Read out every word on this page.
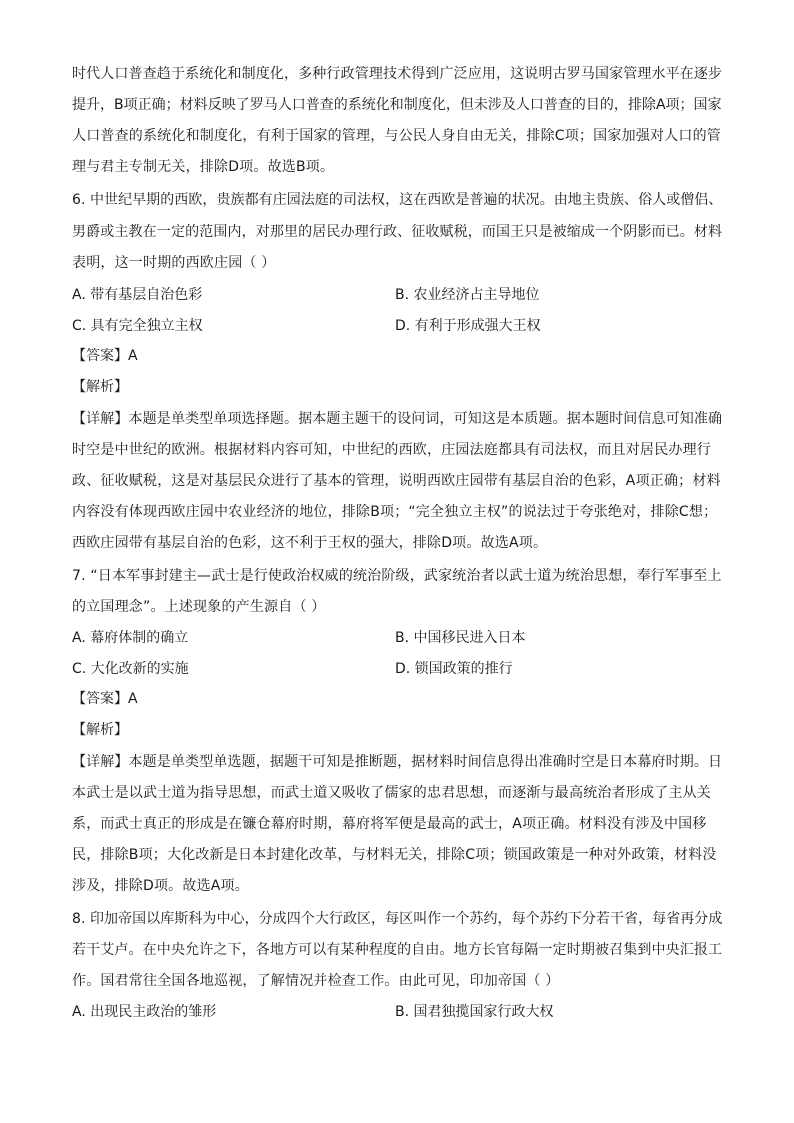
时代人口普查趋于系统化和制度化，多种行政管理技术得到广泛应用，这说明古罗马国家管理水平在逐步
提升，B项正确；材料反映了罗马人口普查的系统化和制度化，但未涉及人口普查的目的，排除A项；国家
人口普查的系统化和制度化，有利于国家的管理，与公民人身自由无关，排除C项；国家加强对人口的管
理与君主专制无关，排除D项。故选B项。
6. 中世纪早期的西欧，贵族都有庄园法庭的司法权，这在西欧是普遍的状况。由地主贵族、俗人或僧侣、
男爵或主教在一定的范围内，对那里的居民办理行政、征收赋税，而国王只是被缩成一个阴影而已。材料
表明，这一时期的西欧庄园（ ）
A. 带有基层自治色彩	B. 农业经济占主导地位
C. 具有完全独立主权	D. 有利于形成强大王权
【答案】A
【解析】
【详解】本题是单类型单项选择题。据本题主题干的设问词，可知这是本质题。据本题时间信息可知准确
时空是中世纪的欧洲。根据材料内容可知，中世纪的西欧，庄园法庭都具有司法权，而且对居民办理行
政、征收赋税，这是对基层民众进行了基本的管理，说明西欧庄园带有基层自治的色彩，A项正确；材料
内容没有体现西欧庄园中农业经济的地位，排除B项；“完全独立主权”的说法过于夸张绝对，排除C想；
西欧庄园带有基层自治的色彩，这不利于王权的强大，排除D项。故选A项。
7. “日本军事封建主—武士是行使政治权威的统治阶级，武家统治者以武士道为统治思想，奉行军事至上
的立国理念”。上述现象的产生源自（ ）
A. 幕府体制的确立	B. 中国移民进入日本
C. 大化改新的实施	D. 锁国政策的推行
【答案】A
【解析】
【详解】本题是单类型单选题，据题干可知是推断题，据材料时间信息得出准确时空是日本幕府时期。日
本武士是以武士道为指导思想，而武士道又吸收了儒家的忠君思想，而逐渐与最高统治者形成了主从关
系，而武士真正的形成是在镰仓幕府时期，幕府将军便是最高的武士，A项正确。材料没有涉及中国移
民，排除B项；大化改新是日本封建化改革，与材料无关，排除C项；锁国政策是一种对外政策，材料没
涉及，排除D项。故选A项。
8. 印加帝国以库斯科为中心，分成四个大行政区，每区叫作一个苏约，每个苏约下分若干省，每省再分成
若干艾卢。在中央允许之下，各地方可以有某种程度的自由。地方长官每隔一定时期被召集到中央汇报工
作。国君常往全国各地巡视，了解情况并检查工作。由此可见，印加帝国（ ）
A. 出现民主政治的雏形	B. 国君独揽国家行政大权
